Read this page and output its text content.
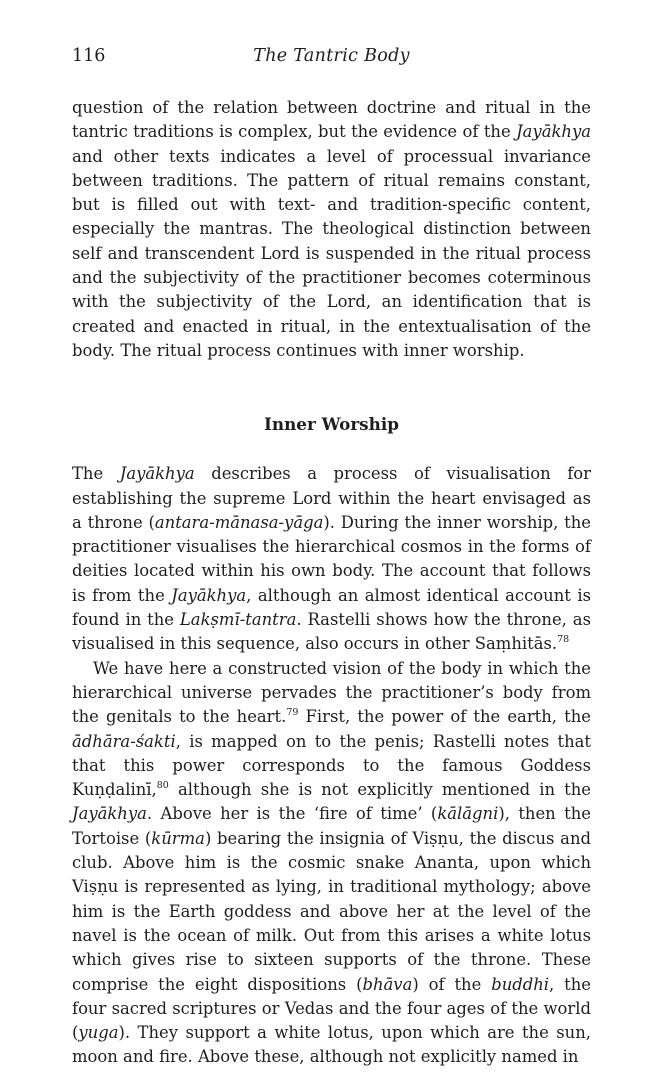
116	The Tantric Body

question of the relation between doctrine and ritual in the tantric traditions is complex, but the evidence of the Jayākhya and other texts indicates a level of processual invariance between traditions. The pattern of ritual remains constant, but is filled out with text- and tradition-specific content, especially the mantras. The theological distinction between self and transcendent Lord is suspended in the ritual process and the subjectivity of the practitioner becomes coterminous with the subjectivity of the Lord, an identification that is created and enacted in ritual, in the entextualisation of the body. The ritual process continues with inner worship.

Inner Worship

The Jayākhya describes a process of visualisation for establishing the supreme Lord within the heart envisaged as a throne (antara-mānasa-yāga). During the inner worship, the practitioner visualises the hierarchical cosmos in the forms of deities located within his own body. The account that follows is from the Jayākhya, although an almost identical account is found in the Lakṣmī-tantra. Rastelli shows how the throne, as visualised in this sequence, also occurs in other Saṃhitās.$^{78}$

We have here a constructed vision of the body in which the hierarchical universe pervades the practitioner’s body from the genitals to the heart.$^{79}$ First, the power of the earth, the ādhāra-śakti, is mapped on to the penis; Rastelli notes that that this power corresponds to the famous Goddess Kuṇḍalinī,$^{80}$ although she is not explicitly mentioned in the Jayākhya. Above her is the ‘fire of time’ (kālāgni), then the Tortoise (kūrma) bearing the insignia of Viṣṇu, the discus and club. Above him is the cosmic snake Ananta, upon which Viṣṇu is represented as lying, in traditional mythology; above him is the Earth goddess and above her at the level of the navel is the ocean of milk. Out from this arises a white lotus which gives rise to sixteen supports of the throne. These comprise the eight dispositions (bhāva) of the buddhi, the four sacred scriptures or Vedas and the four ages of the world (yuga). They support a white lotus, upon which are the sun, moon and fire. Above these, although not explicitly named in
